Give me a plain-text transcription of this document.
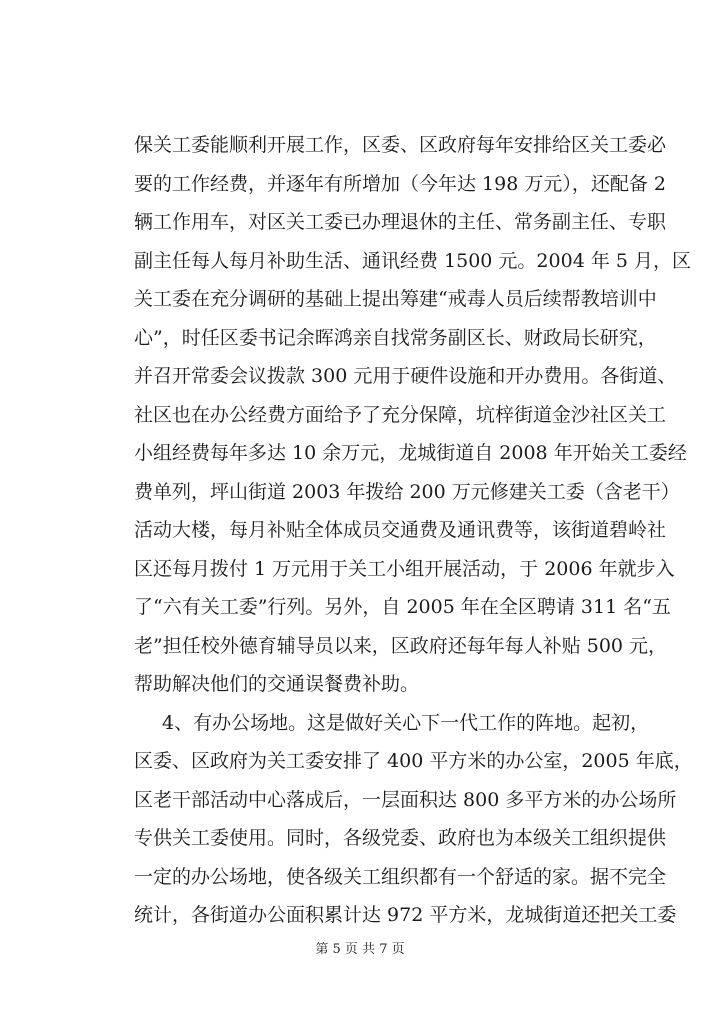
保关工委能顺利开展工作，区委、区政府每年安排给区关工委必
要的工作经费，并逐年有所增加（今年达 198 万元），还配备 2
辆工作用车，对区关工委已办理退休的主任、常务副主任、专职
副主任每人每月补助生活、通讯经费 1500 元。2004 年 5 月，区
关工委在充分调研的基础上提出筹建“戒毒人员后续帮教培训中
心”，时任区委书记余晖鸿亲自找常务副区长、财政局长研究，
并召开常委会议拨款 300 元用于硬件设施和开办费用。各街道、
社区也在办公经费方面给予了充分保障，坑梓街道金沙社区关工
小组经费每年多达 10 余万元，龙城街道自 2008 年开始关工委经
费单列，坪山街道 2003 年拨给 200 万元修建关工委（含老干）
活动大楼，每月补贴全体成员交通费及通讯费等，该街道碧岭社
区还每月拨付 1 万元用于关工小组开展活动，于 2006 年就步入
了“六有关工委”行列。另外，自 2005 年在全区聘请 311 名“五
老”担任校外德育辅导员以来，区政府还每年每人补贴 500 元，
帮助解决他们的交通误餐费补助。
4、有办公场地。这是做好关心下一代工作的阵地。起初，
区委、区政府为关工委安排了 400 平方米的办公室，2005 年底，
区老干部活动中心落成后，一层面积达 800 多平方米的办公场所
专供关工委使用。同时，各级党委、政府也为本级关工组织提供
一定的办公场地，使各级关工组织都有一个舒适的家。据不完全
统计，各街道办公面积累计达 972 平方米，龙城街道还把关工委
第 5 页 共 7 页
